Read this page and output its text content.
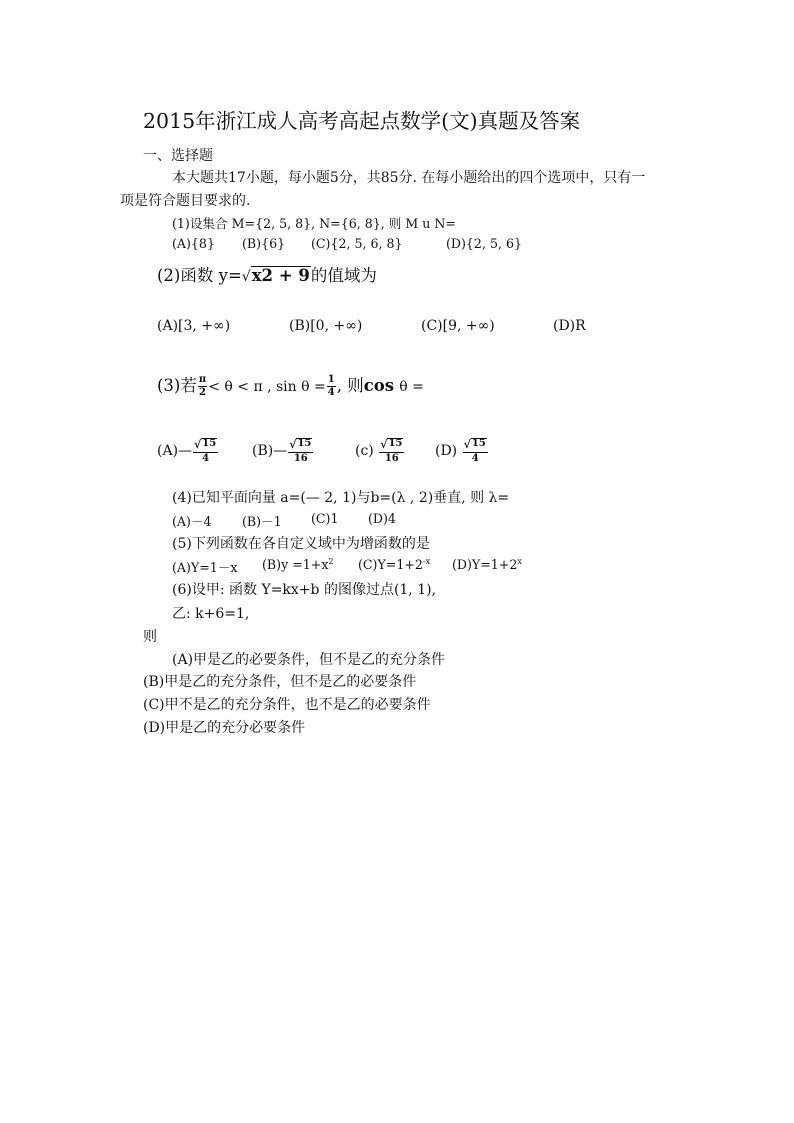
2015年浙江成人高考高起点数学(文)真题及答案
一、选择题
本大题共17小题，每小题5分，共85分. 在每小题给出的四个选项中，只有一
项是符合题目要求的.
(1)设集合 M={2, 5, 8}, N={6, 8}, 则 M u N=
(A){8} (B){6} (C){2, 5, 6, 8}	(D){2, 5, 6}
(2)函数 y= √ x2 + 9 的值域为
(A)[3, +∞)	(B)[0, +∞)	(C)[9, +∞)	(D)R
(3)若 $\frac{\pi}{2} < \theta < \pi$ , $\sin \theta = \frac{1}{4}$ , 则cos θ =
(A)— $\frac{√ 15}{4}$ (B)— $\frac{√ 15}{16}$	$(c) \frac{√ 15}{16} (D) \frac{√ 15}{4}$
(4)已知平面向量 a=(— 2, 1)与b=(λ , 2)垂直, 则 λ=
(A)－4 (B)－1 (C)1 (D)4
(5)下列函数在各自定义域中为增函数的是
(A)Y=1－x $(B)y =1+x^2$ $(C)Y=1+2^{-x}$ $(D)Y=1+2^x$
(6)设甲: 函数 Y=kx+b 的图像过点(1, 1),
乙: k+6=1,
则
(A)甲是乙的必要条件，但不是乙的充分条件
(B)甲是乙的充分条件，但不是乙的必要条件
(C)甲不是乙的充分条件，也不是乙的必要条件
(D)甲是乙的充分必要条件
